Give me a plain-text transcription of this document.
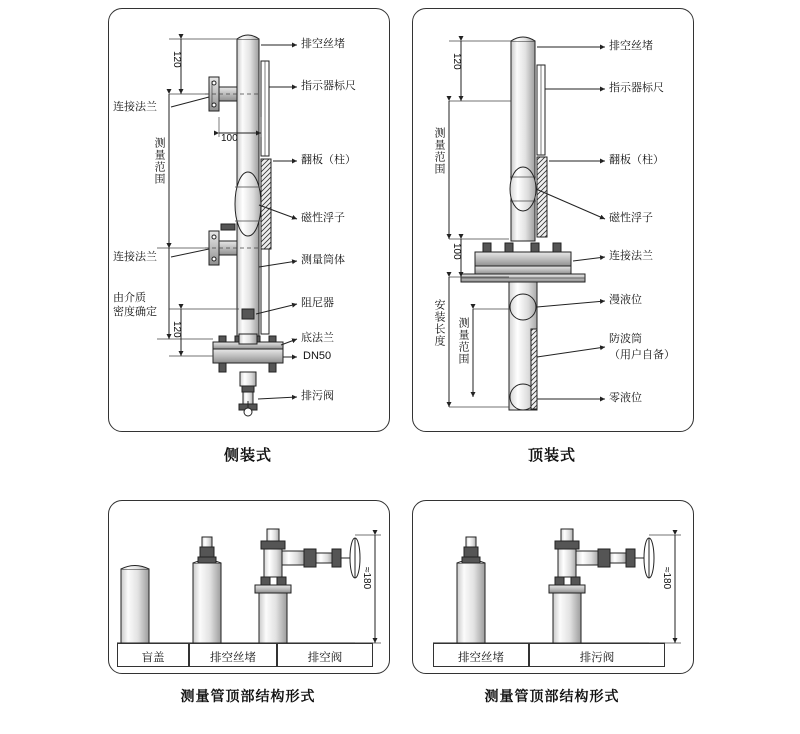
120
100
120
测量范围
连接法兰
连接法兰
由介质
密度确定
排空丝堵
指示器标尺
翻板（柱）
磁性浮子
测量筒体
阻尼器
底法兰
DN50
排污阀
侧装式
120
100
测量范围
安装长度 测量范围
排空丝堵
指示器标尺
翻板（柱）
磁性浮子
连接法兰
漫液位
防波筒
（用户自备）
零液位
顶装式
盲盖	排空丝堵	排空阀
≈180
测量管顶部结构形式
排空丝堵	排污阀
≈180
测量管顶部结构形式
